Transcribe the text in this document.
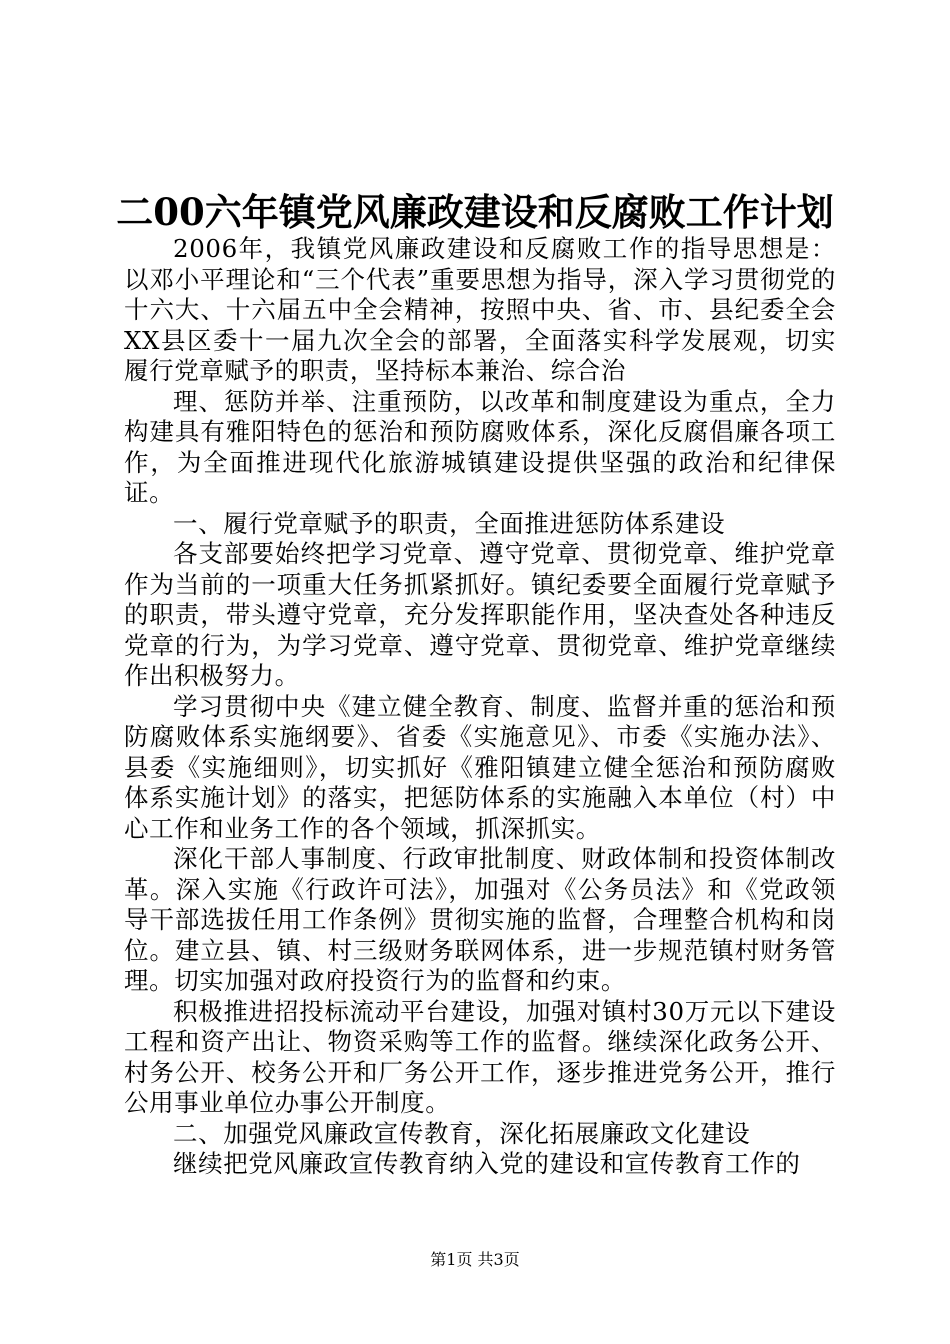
二00六年镇党风廉政建设和反腐败工作计划

2006年，我镇党风廉政建设和反腐败工作的指导思想是：以邓小平理论和“三个代表”重要思想为指导，深入学习贯彻党的十六大、十六届五中全会精神，按照中央、省、市、县纪委全会XX县区委十一届九次全会的部署，全面落实科学发展观，切实履行党章赋予的职责，坚持标本兼治、综合治

理、惩防并举、注重预防，以改革和制度建设为重点，全力构建具有雅阳特色的惩治和预防腐败体系，深化反腐倡廉各项工作，为全面推进现代化旅游城镇建设提供坚强的政治和纪律保证。

一、履行党章赋予的职责，全面推进惩防体系建设

各支部要始终把学习党章、遵守党章、贯彻党章、维护党章作为当前的一项重大任务抓紧抓好。镇纪委要全面履行党章赋予的职责，带头遵守党章，充分发挥职能作用，坚决查处各种违反党章的行为，为学习党章、遵守党章、贯彻党章、维护党章继续作出积极努力。

学习贯彻中央《建立健全教育、制度、监督并重的惩治和预防腐败体系实施纲要》、省委《实施意见》、市委《实施办法》、县委《实施细则》，切实抓好《雅阳镇建立健全惩治和预防腐败体系实施计划》的落实，把惩防体系的实施融入本单位（村）中心工作和业务工作的各个领域，抓深抓实。

深化干部人事制度、行政审批制度、财政体制和投资体制改革。深入实施《行政许可法》，加强对《公务员法》和《党政领导干部选拔任用工作条例》贯彻实施的监督，合理整合机构和岗位。建立县、镇、村三级财务联网体系，进一步规范镇村财务管理。切实加强对政府投资行为的监督和约束。

积极推进招投标流动平台建设，加强对镇村30万元以下建设工程和资产出让、物资采购等工作的监督。继续深化政务公开、村务公开、校务公开和厂务公开工作，逐步推进党务公开，推行公用事业单位办事公开制度。

二、加强党风廉政宣传教育，深化拓展廉政文化建设

继续把党风廉政宣传教育纳入党的建设和宣传教育工作的

第1页 共3页
